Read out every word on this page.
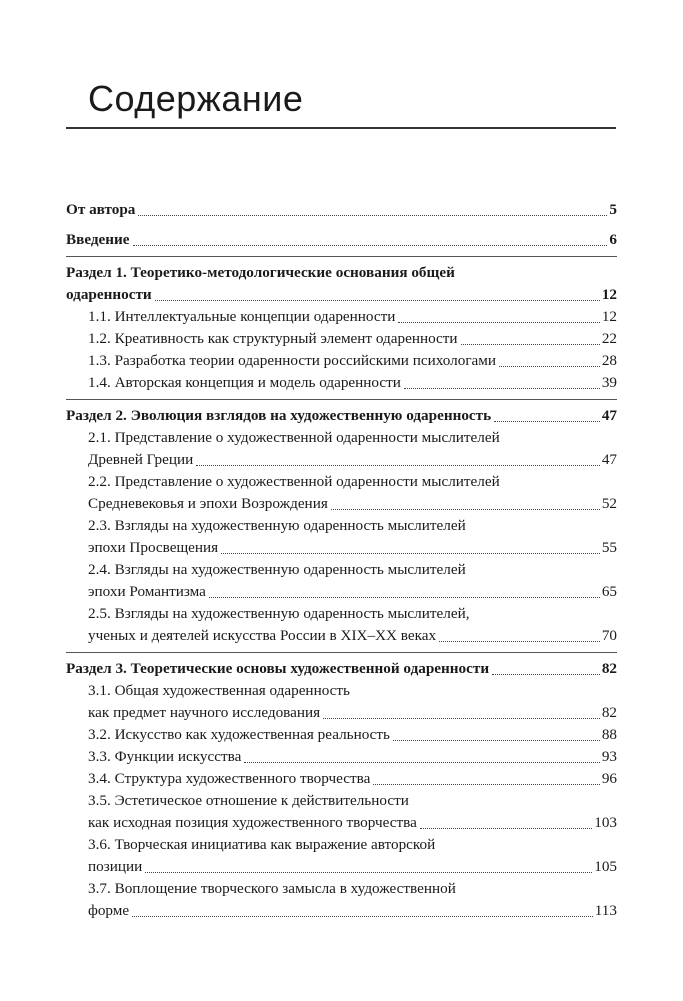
Содержание
От автора	5
Введение	6
Раздел 1. Теоретико-методологические основания общей
одаренности	12
1.1. Интеллектуальные концепции одаренности	12
1.2. Креативность как структурный элемент одаренности	22
1.3. Разработка теории одаренности российскими психологами	28
1.4. Авторская концепция и модель одаренности	39
Раздел 2. Эволюция взглядов на художественную одаренность	47
2.1. Представление о художественной одаренности мыслителей
Древней Греции	47
2.2. Представление о художественной одаренности мыслителей
Средневековья и эпохи Возрождения	52
2.3. Взгляды на художественную одаренность мыслителей
эпохи Просвещения	55
2.4. Взгляды на художественную одаренность мыслителей
эпохи Романтизма	65
2.5. Взгляды на художественную одаренность мыслителей,
ученых и деятелей искусства России в XIX–XX веках	70
Раздел 3. Теоретические основы художественной одаренности	82
3.1. Общая художественная одаренность
как предмет научного исследования	82
3.2. Искусство как художественная реальность	88
3.3. Функции искусства	93
3.4. Структура художественного творчества	96
3.5. Эстетическое отношение к действительности
как исходная позиция художественного творчества	103
3.6. Творческая инициатива как выражение авторской
позиции	105
3.7. Воплощение творческого замысла в художественной
форме	113
